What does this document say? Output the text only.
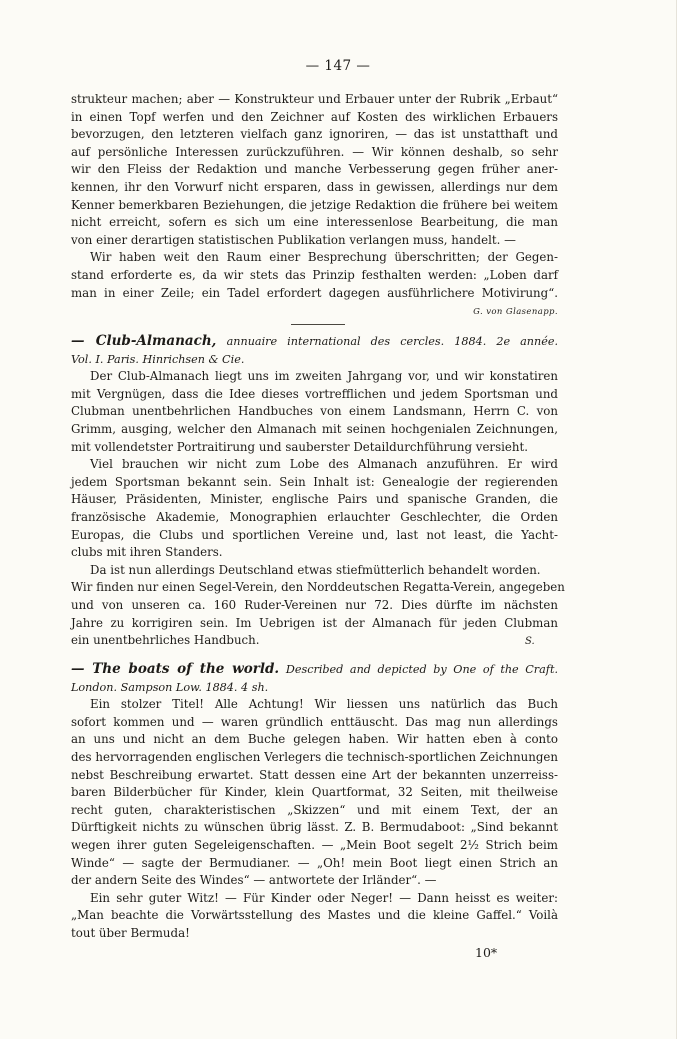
— 147 —
strukteur machen; aber — Konstrukteur und Erbauer unter der Rubrik „Erbaut“
in einen Topf werfen und den Zeichner auf Kosten des wirklichen Erbauers
bevorzugen, den letzteren vielfach ganz ignoriren, — das ist unstatthaft und
auf persönliche Interessen zurückzuführen. — Wir können deshalb, so sehr
wir den Fleiss der Redaktion und manche Verbesserung gegen früher aner-
kennen, ihr den Vorwurf nicht ersparen, dass in gewissen, allerdings nur dem
Kenner bemerkbaren Beziehungen, die jetzige Redaktion die frühere bei weitem
nicht erreicht, sofern es sich um eine interessenlose Bearbeitung, die man
von einer derartigen statistischen Publikation verlangen muss, handelt. —
Wir haben weit den Raum einer Besprechung überschritten; der Gegen-
stand erforderte es, da wir stets das Prinzip festhalten werden: „Loben darf
man in einer Zeile; ein Tadel erfordert dagegen ausführlichere Motivirung“.
G. von Glasenapp.
— Club-Almanach, annuaire international des cercles. 1884. 2e année.
Vol. I. Paris. Hinrichsen & Cie.
Der Club-Almanach liegt uns im zweiten Jahrgang vor, und wir konstatiren
mit Vergnügen, dass die Idee dieses vortrefflichen und jedem Sportsman und
Clubman unentbehrlichen Handbuches von einem Landsmann, Herrn C. von
Grimm, ausging, welcher den Almanach mit seinen hochgenialen Zeichnungen,
mit vollendetster Portraitirung und sauberster Detaildurchführung versieht.
Viel brauchen wir nicht zum Lobe des Almanach anzuführen. Er wird
jedem Sportsman bekannt sein. Sein Inhalt ist: Genealogie der regierenden
Häuser, Präsidenten, Minister, englische Pairs und spanische Granden, die
französische Akademie, Monographien erlauchter Geschlechter, die Orden
Europas, die Clubs und sportlichen Vereine und, last not least, die Yacht-
clubs mit ihren Standers.
Da ist nun allerdings Deutschland etwas stiefmütterlich behandelt worden.
Wir finden nur einen Segel-Verein, den Norddeutschen Regatta-Verein, angegeben
und von unseren ca. 160 Ruder-Vereinen nur 72. Dies dürfte im nächsten
Jahre zu korrigiren sein. Im Uebrigen ist der Almanach für jeden Clubman
ein unentbehrliches Handbuch.	S.
— The boats of the world. Described and depicted by One of the Craft.
London. Sampson Low. 1884. 4 sh.
Ein stolzer Titel! Alle Achtung! Wir liessen uns natürlich das Buch
sofort kommen und — waren gründlich enttäuscht. Das mag nun allerdings
an uns und nicht an dem Buche gelegen haben. Wir hatten eben à conto
des hervorragenden englischen Verlegers die technisch-sportlichen Zeichnungen
nebst Beschreibung erwartet. Statt dessen eine Art der bekannten unzerreiss-
baren Bilderbücher für Kinder, klein Quartformat, 32 Seiten, mit theilweise
recht guten, charakteristischen „Skizzen“ und mit einem Text, der an
Dürftigkeit nichts zu wünschen übrig lässt. Z. B. Bermudaboot: „Sind bekannt
wegen ihrer guten Segeleigenschaften. — „Mein Boot segelt 2½ Strich beim
Winde“ — sagte der Bermudianer. — „Oh! mein Boot liegt einen Strich an
der andern Seite des Windes“ — antwortete der Irländer“. —
Ein sehr guter Witz! — Für Kinder oder Neger! — Dann heisst es weiter:
„Man beachte die Vorwärtsstellung des Mastes und die kleine Gaffel.“ Voilà
tout über Bermuda!
10*
